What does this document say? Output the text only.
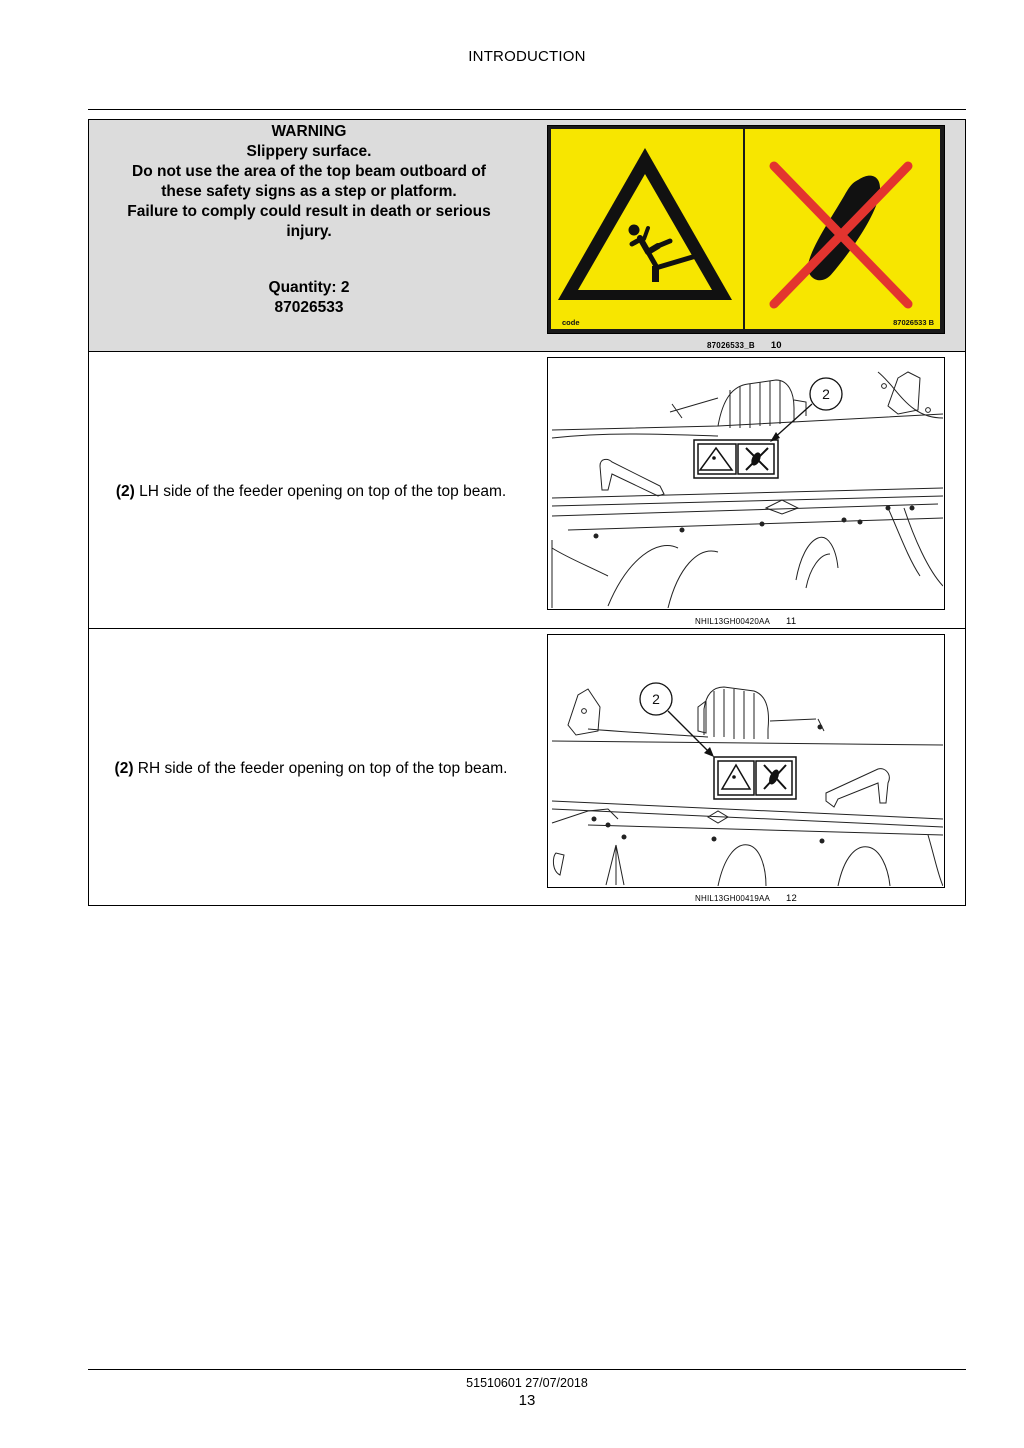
INTRODUCTION
WARNING
Slippery surface.
Do not use the area of the top beam outboard of
these safety signs as a step or platform.
Failure to comply could result in death or serious
injury.
Quantity: 2
87026533
code	87026533 B
87026533_B 10
(2) LH side of the feeder opening on top of the top beam.
2
NHIL13GH00420AA 11
(2) RH side of the feeder opening on top of the top beam.
2
NHIL13GH00419AA 12
51510601 27/07/2018
13
